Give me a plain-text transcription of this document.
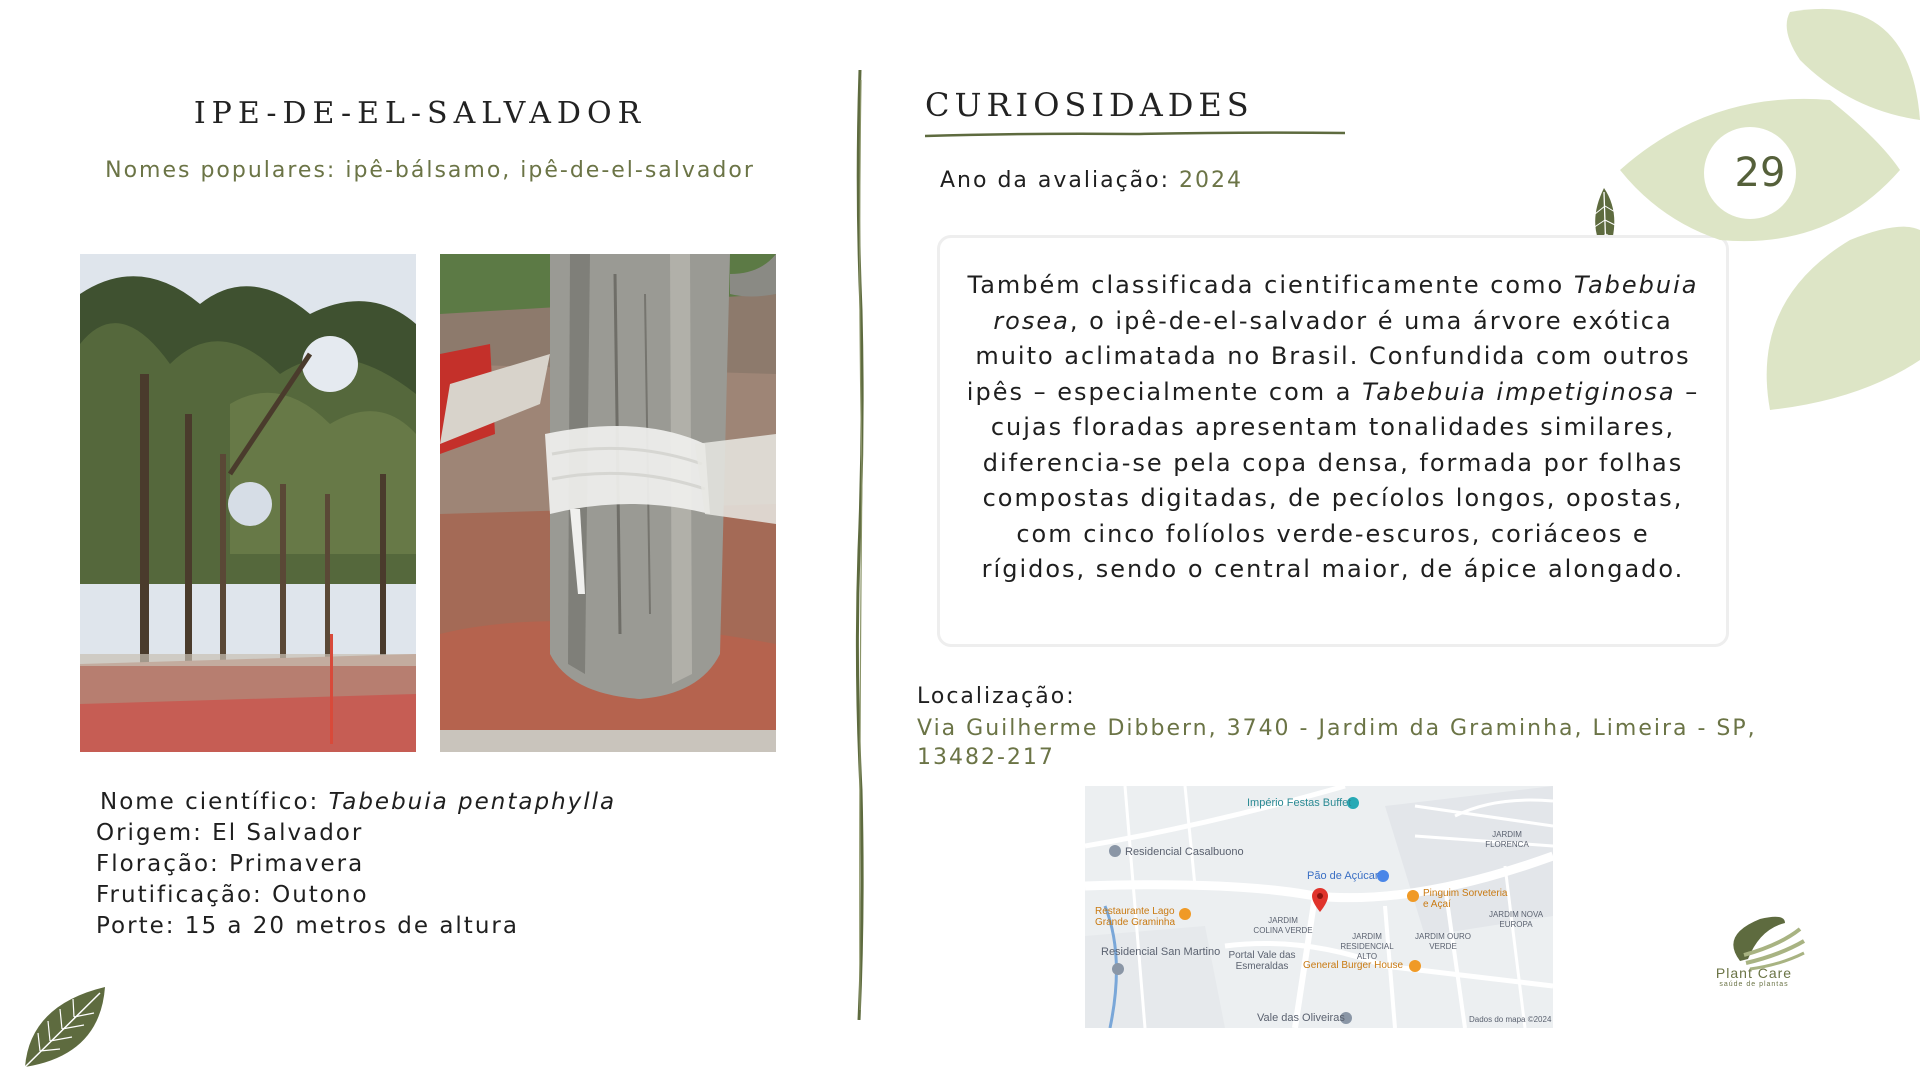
IPE-DE-EL-SALVADOR
Nomes populares: ipê-bálsamo, ipê-de-el-salvador
Nome científico: Tabebuia pentaphylla
Origem: El Salvador
Floração: Primavera
Frutificação: Outono
Porte: 15 a 20 metros de altura
CURIOSIDADES
Ano da avaliação: 2024
Também classificada cientificamente como Tabebuia rosea, o ipê-de-el-salvador é uma árvore exótica muito aclimatada no Brasil. Confundida com outros ipês – especialmente com a Tabebuia impetiginosa – cujas floradas apresentam tonalidades similares, diferencia-se pela copa densa, formada por folhas compostas digitadas, de pecíolos longos, opostas, com cinco folíolos verde-escuros, coriáceos e rígidos, sendo o central maior, de ápice alongado.
Localização:
Via Guilherme Dibbern, 3740 - Jardim da Graminha, Limeira - SP, 13482-217
Império Festas Buffet
Residencial Casalbuono
Pão de Açúcar
Pinguim Sorveteria e Açaí
Restaurante Lago Grande Graminha	JARDIM COLINA VERDE
JARDIM RESIDENCIAL ALTO
JARDIM OURO VERDE
JARDIM NOVA EUROPA
JARDIM FLORENCA
Residencial San Martino Portal Vale das Esmeraldas	General Burger House
Vale das Oliveiras	Dados do mapa ©2024
29
Plant Care
saúde de plantas
